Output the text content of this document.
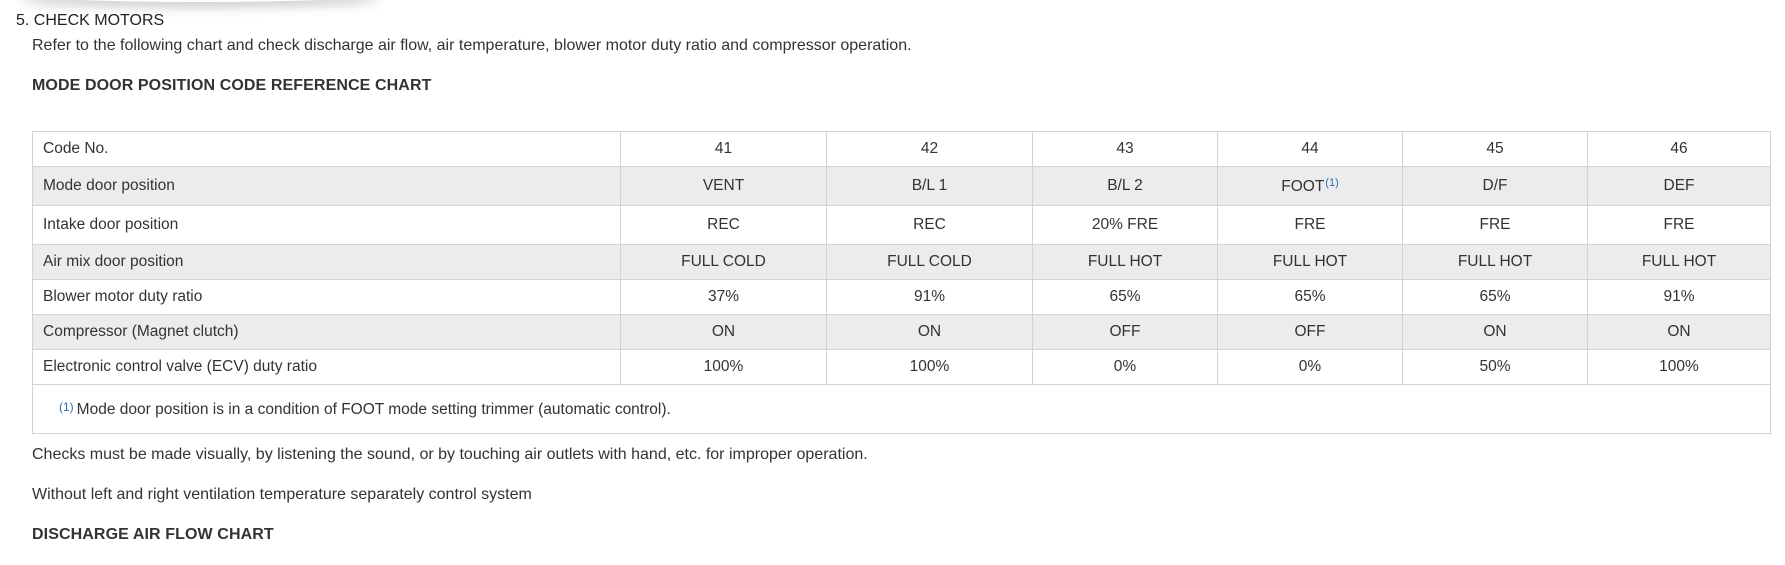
5. CHECK MOTORS
Refer to the following chart and check discharge air flow, air temperature, blower motor duty ratio and compressor operation.
MODE DOOR POSITION CODE REFERENCE CHART
Code No.	41	42	43	44	45	46
Mode door position	VENT	B/L 1	B/L 2	FOOT$^{(1)}$	D/F	DEF
Intake door position	REC	REC	20% FRE	FRE	FRE	FRE
Air mix door position	FULL COLD	FULL COLD	FULL HOT	FULL HOT	FULL HOT	FULL HOT
Blower motor duty ratio	37%	91%	65%	65%	65%	91%
Compressor (Magnet clutch)	ON	ON	OFF	OFF	ON	ON
Electronic control valve (ECV) duty ratio	100%	100%	0%	0%	50%	100%
$^{(1)}$ Mode door position is in a condition of FOOT mode setting trimmer (automatic control).						
Checks must be made visually, by listening the sound, or by touching air outlets with hand, etc. for improper operation.
Without left and right ventilation temperature separately control system
DISCHARGE AIR FLOW CHART
